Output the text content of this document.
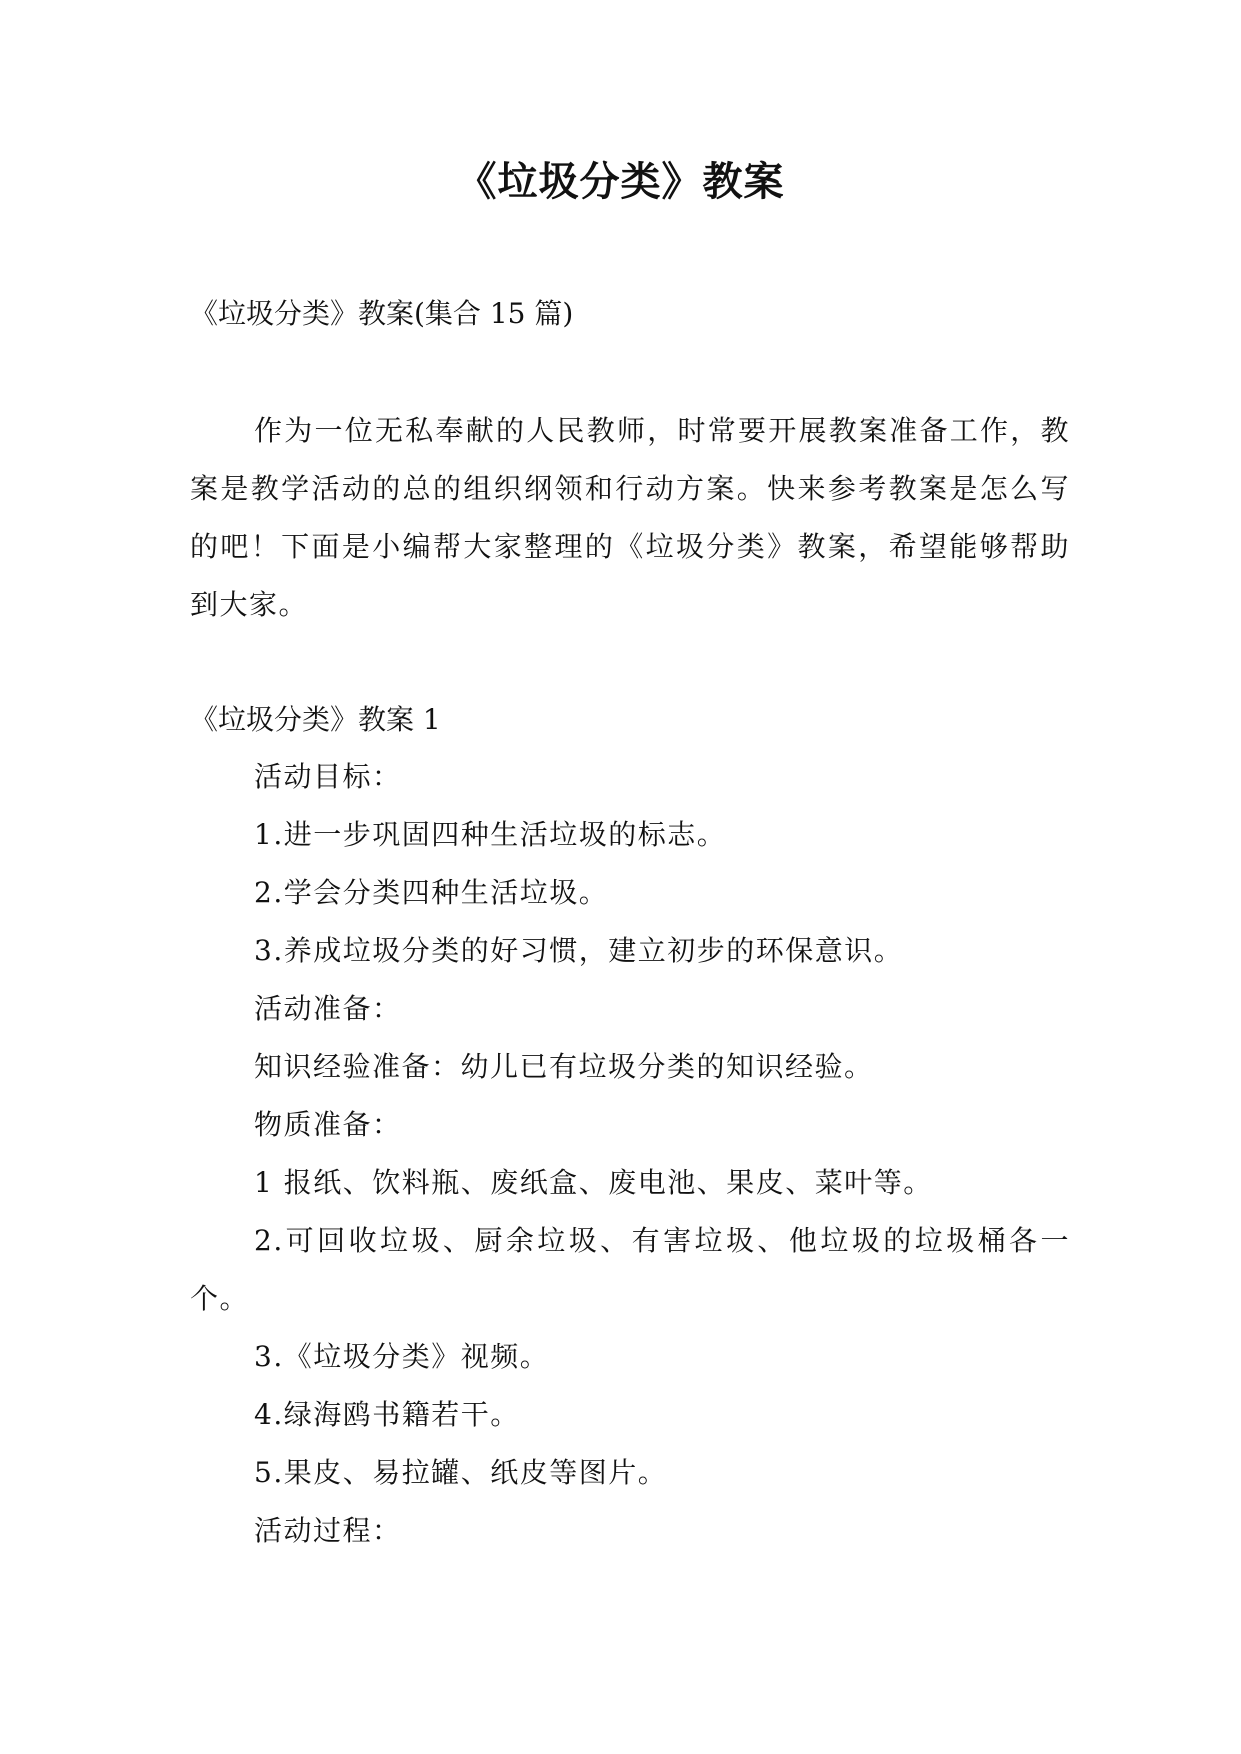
《垃圾分类》教案

《垃圾分类》教案(集合 15 篇)

作为一位无私奉献的人民教师，时常要开展教案准备工作，教案是教学活动的总的组织纲领和行动方案。快来参考教案是怎么写的吧！下面是小编帮大家整理的《垃圾分类》教案，希望能够帮助到大家。

《垃圾分类》教案 1

活动目标：

1.进一步巩固四种生活垃圾的标志。

2.学会分类四种生活垃圾。

3.养成垃圾分类的好习惯，建立初步的环保意识。

活动准备：

知识经验准备：幼儿已有垃圾分类的知识经验。

物质准备：

1 报纸、饮料瓶、废纸盒、废电池、果皮、菜叶等。

2.可回收垃圾、厨余垃圾、有害垃圾、他垃圾的垃圾桶各一个。

3.《垃圾分类》视频。

4.绿海鸥书籍若干。

5.果皮、易拉罐、纸皮等图片。

活动过程：
